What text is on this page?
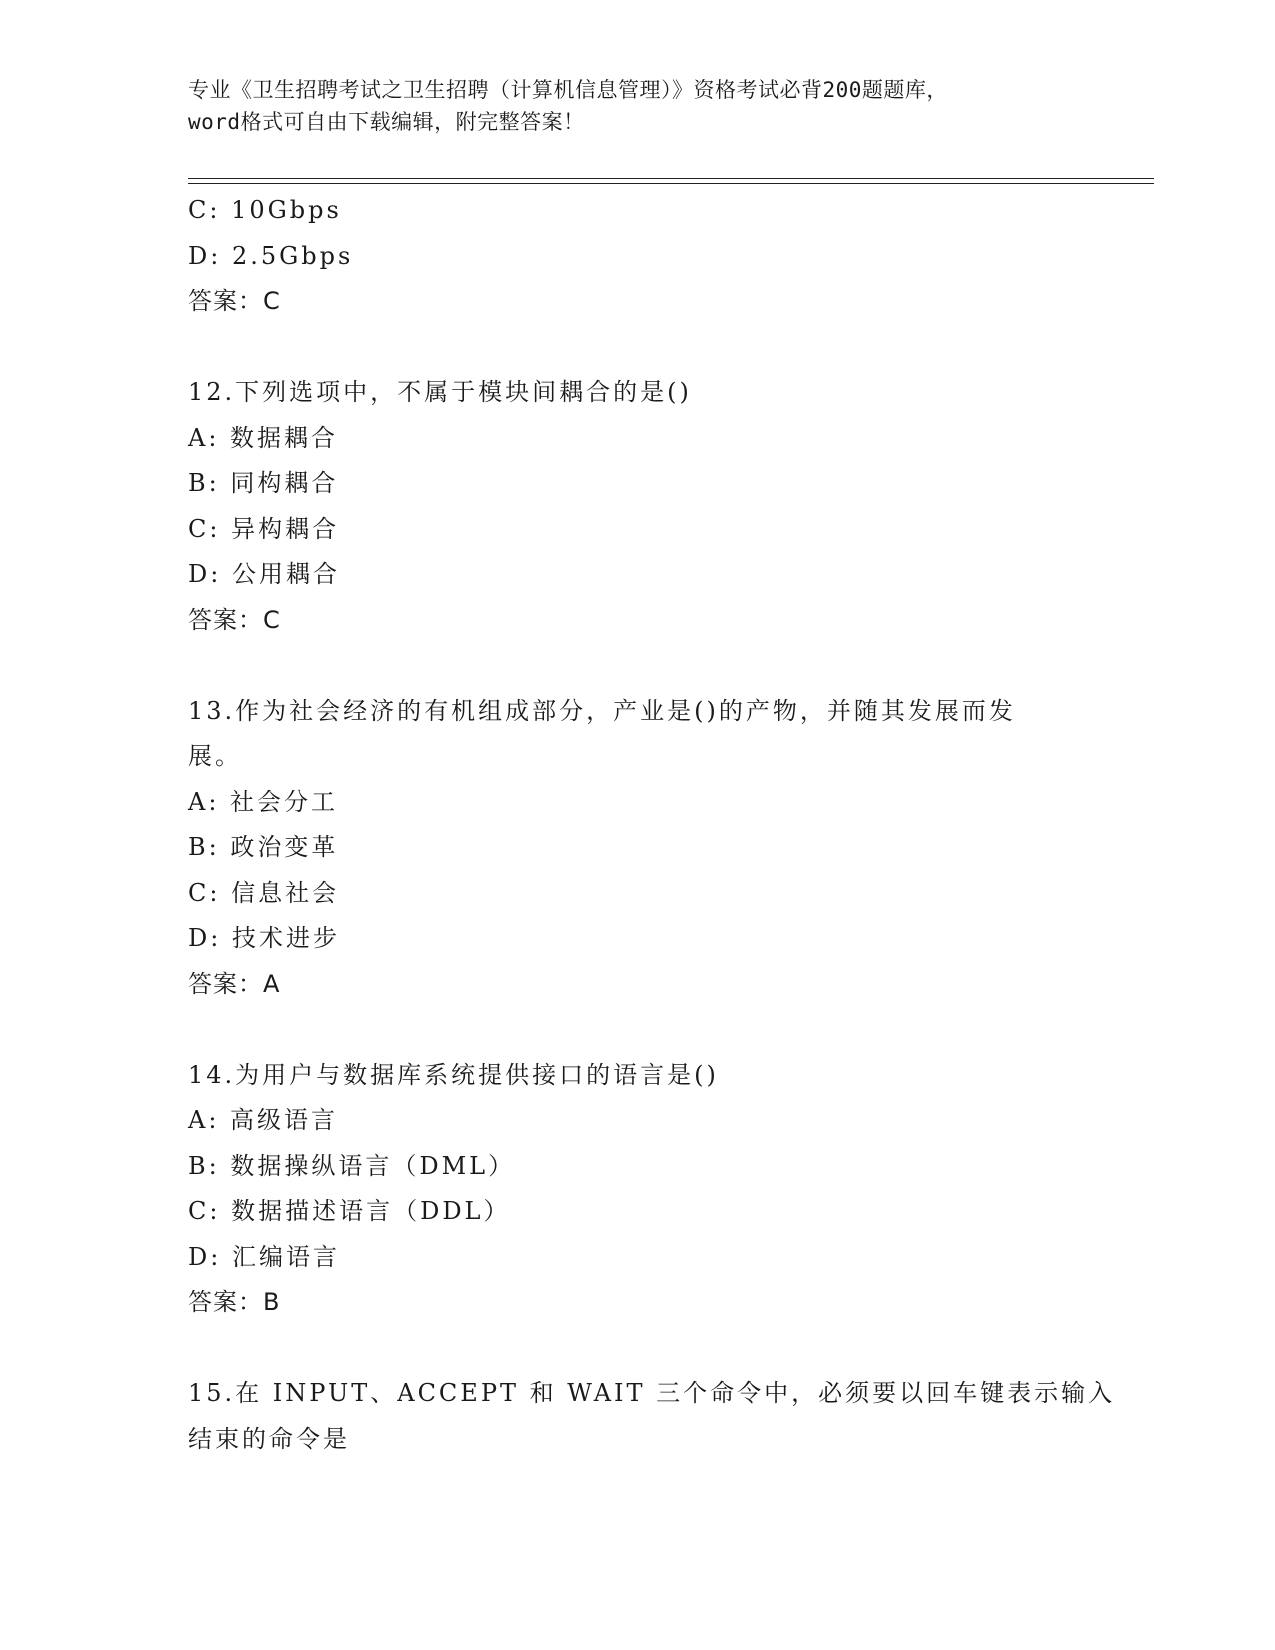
专业《卫生招聘考试之卫生招聘（计算机信息管理）》资格考试必背200题题库，
word格式可自由下载编辑，附完整答案！
C: 10Gbps
D: 2.5Gbps
答案：C
12.下列选项中，不属于模块间耦合的是()
A: 数据耦合
B: 同构耦合
C: 异构耦合
D: 公用耦合
答案：C
13.作为社会经济的有机组成部分，产业是()的产物，并随其发展而发
展。
A: 社会分工
B: 政治变革
C: 信息社会
D: 技术进步
答案：A
14.为用户与数据库系统提供接口的语言是()
A: 高级语言
B: 数据操纵语言（DML）
C: 数据描述语言（DDL）
D: 汇编语言
答案：B
15.在 INPUT、ACCEPT 和 WAIT 三个命令中，必须要以回车键表示输入
结束的命令是
